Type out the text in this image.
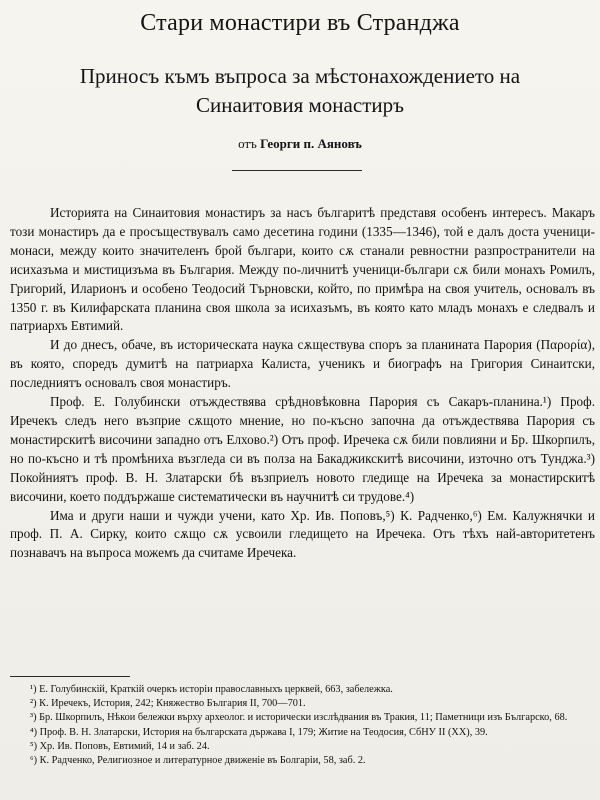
Стари монастири въ Странджа
Приносъ къмъ въпроса за мѣстонахождението на
Синаитовия монастиръ
отъ Георги п. Аяновъ

Историята на Синаитовия монастиръ за насъ българитѣ представя особенъ интересъ. Макаръ този монастиръ да е просъществувалъ само десетина години (1335—1346), той е далъ доста ученици-монаси, между които значителенъ брой българи, които сѫ станали ревностни разпространители на исихазъма и мистицизъма въ България. Между по-личнитѣ ученици-българи сѫ били монахъ Ромилъ, Григорий, Иларионъ и особено Теодосий Търновски, който, по примѣра на своя учитель, основалъ въ 1350 г. въ Килифарската планина своя школа за исихазъмъ, въ която като младъ монахъ е следвалъ и патриархъ Евтимий.

И до днесъ, обаче, въ историческата наука сѫществува споръ за планината Парория (Παρορία), въ която, споредъ думитѣ на патриарха Калиста, ученикъ и биографъ на Григория Синаитски, последниятъ основалъ своя монастиръ.

Проф. Е. Голубински отъждествява срѣдновѣковна Парория съ Сакаръ-планина.¹) Проф. Иречекъ следъ него възприе сѫщото мнение, но по-късно започна да отъждествява Парория съ монастирскитѣ височини западно отъ Елхово.²) Отъ проф. Иречека сѫ били повлияни и Бр. Шкорпилъ, но по-късно и тѣ промѣниха възгледа си въ полза на Бакаджикскитѣ височини, източно отъ Тунджа.³) Покойниятъ проф. В. Н. Златарски бѣ възприелъ новото гледище на Иречека за монастирскитѣ височини, което поддържаше систематически въ научнитѣ си трудове.⁴)

Има и други наши и чужди учени, като Хр. Ив. Поповъ,⁵) К. Радченко,⁶) Ем. Калужнячки и проф. П. А. Сирку, които сѫщо сѫ усвоили гледището на Иречека. Отъ тѣхъ най-авторитетенъ познавачъ на въпроса можемъ да считаме Иречека.

¹) Е. Голубинскій, Краткій очеркъ исторіи православныхъ церквей, 663, забележка.
²) К. Иречекъ, История, 242; Княжество България II, 700—701.
³) Бр. Шкорпилъ, Нѣкои бележки върху археолог. и исторически изслѣдвания въ Тракия, 11; Паметници изъ Българско, 68.
⁴) Проф. В. Н. Златарски, История на българската държава I, 179; Житие на Теодосия, СбНУ II (XX), 39.
⁵) Хр. Ив. Поповъ, Евтимий, 14 и заб. 24.
⁶) К. Радченко, Религиозное и литературное движенiе въ Болгаріи, 58, заб. 2.
